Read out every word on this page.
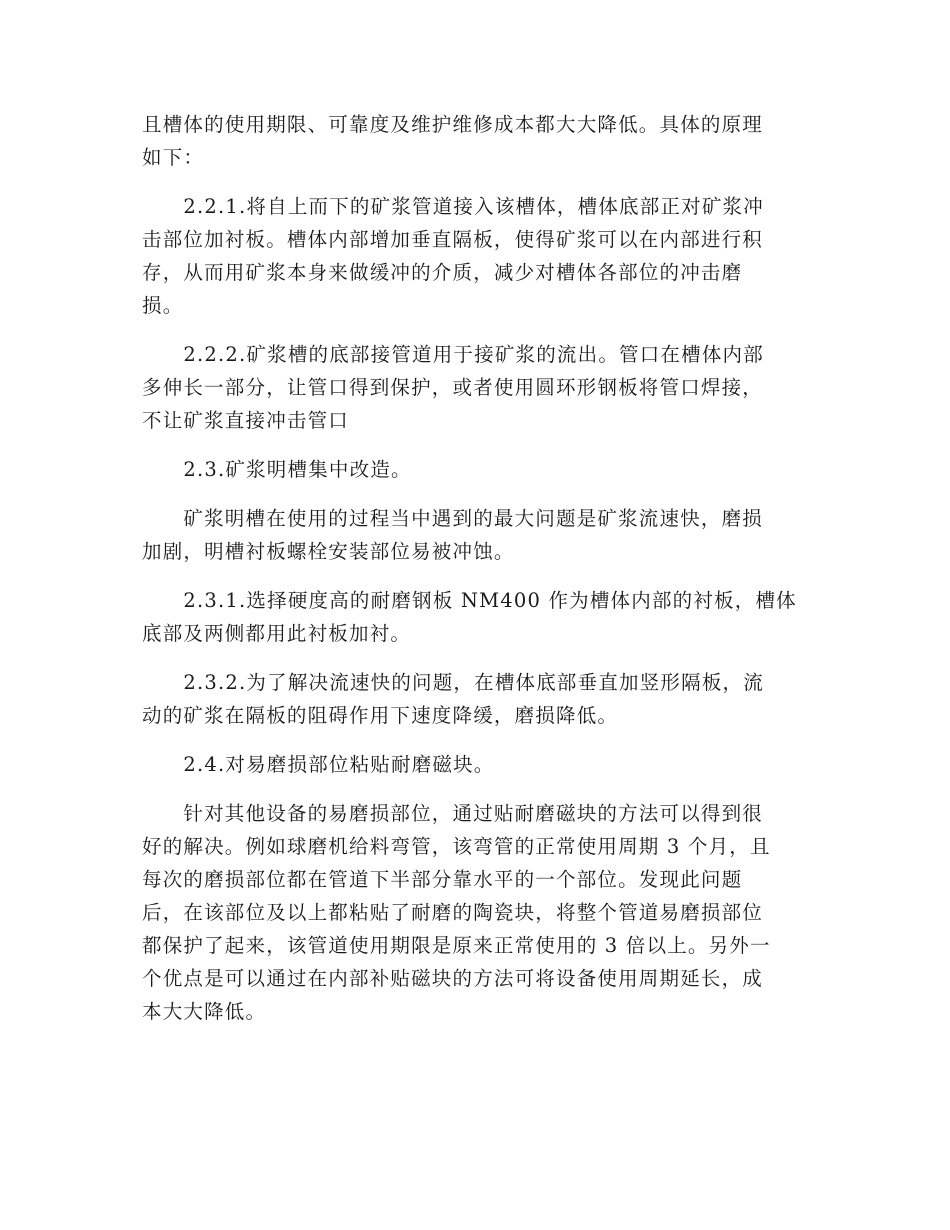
且槽体的使用期限、可靠度及维护维修成本都大大降低。具体的原理
如下：
　　2.2.1.将自上而下的矿浆管道接入该槽体，槽体底部正对矿浆冲
击部位加衬板。槽体内部增加垂直隔板，使得矿浆可以在内部进行积
存，从而用矿浆本身来做缓冲的介质，减少对槽体各部位的冲击磨
损。
　　2.2.2.矿浆槽的底部接管道用于接矿浆的流出。管口在槽体内部
多伸长一部分，让管口得到保护，或者使用圆环形钢板将管口焊接，
不让矿浆直接冲击管口
　　2.3.矿浆明槽集中改造。
　　矿浆明槽在使用的过程当中遇到的最大问题是矿浆流速快，磨损
加剧，明槽衬板螺栓安装部位易被冲蚀。
　　2.3.1.选择硬度高的耐磨钢板 NM400 作为槽体内部的衬板，槽体
底部及两侧都用此衬板加衬。
　　2.3.2.为了解决流速快的问题，在槽体底部垂直加竖形隔板，流
动的矿浆在隔板的阻碍作用下速度降缓，磨损降低。
　　2.4.对易磨损部位粘贴耐磨磁块。
　　针对其他设备的易磨损部位，通过贴耐磨磁块的方法可以得到很
好的解决。例如球磨机给料弯管，该弯管的正常使用周期 3 个月，且
每次的磨损部位都在管道下半部分靠水平的一个部位。发现此问题
后，在该部位及以上都粘贴了耐磨的陶瓷块，将整个管道易磨损部位
都保护了起来，该管道使用期限是原来正常使用的 3 倍以上。另外一
个优点是可以通过在内部补贴磁块的方法可将设备使用周期延长，成
本大大降低。
